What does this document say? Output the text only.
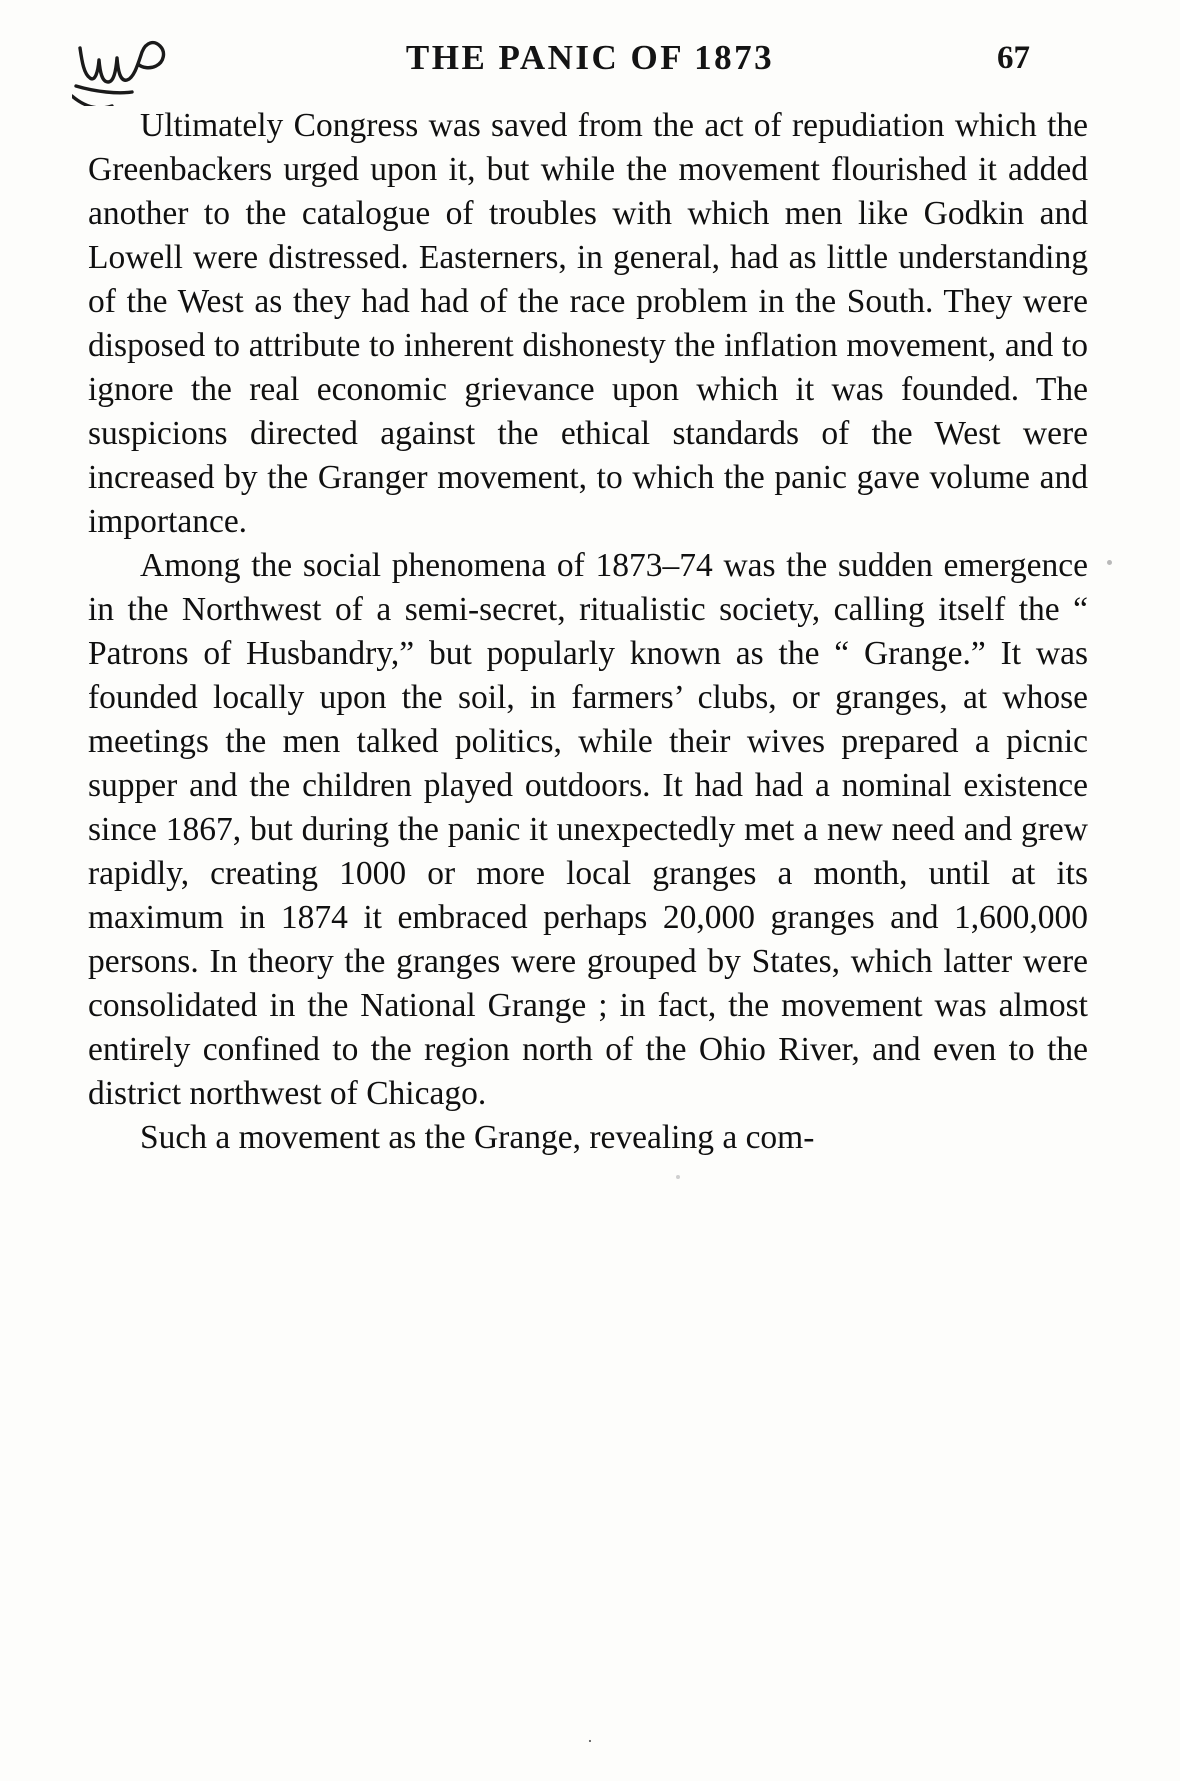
THE PANIC OF 1873	67

Ultimately Congress was saved from the act of repudiation which the Greenbackers urged upon it, but while the movement flourished it added another to the catalogue of troubles with which men like Godkin and Lowell were distressed. Easterners, in general, had as little understanding of the West as they had had of the race problem in the South. They were disposed to attribute to inherent dishonesty the inflation movement, and to ignore the real economic grievance upon which it was founded. The suspicions directed against the ethical standards of the West were increased by the Granger movement, to which the panic gave volume and importance.

Among the social phenomena of 1873–74 was the sudden emergence in the Northwest of a semi-secret, ritualistic society, calling itself the “ Patrons of Husbandry,” but popularly known as the “ Grange.” It was founded locally upon the soil, in farmers’ clubs, or granges, at whose meetings the men talked politics, while their wives prepared a picnic supper and the children played outdoors. It had had a nominal existence since 1867, but during the panic it unexpectedly met a new need and grew rapidly, creating 1000 or more local granges a month, until at its maximum in 1874 it embraced perhaps 20,000 granges and 1,600,000 persons. In theory the granges were grouped by States, which latter were consolidated in the National Grange ; in fact, the movement was almost entirely confined to the region north of the Ohio River, and even to the district northwest of Chicago.

Such a movement as the Grange, revealing a com-

˙
